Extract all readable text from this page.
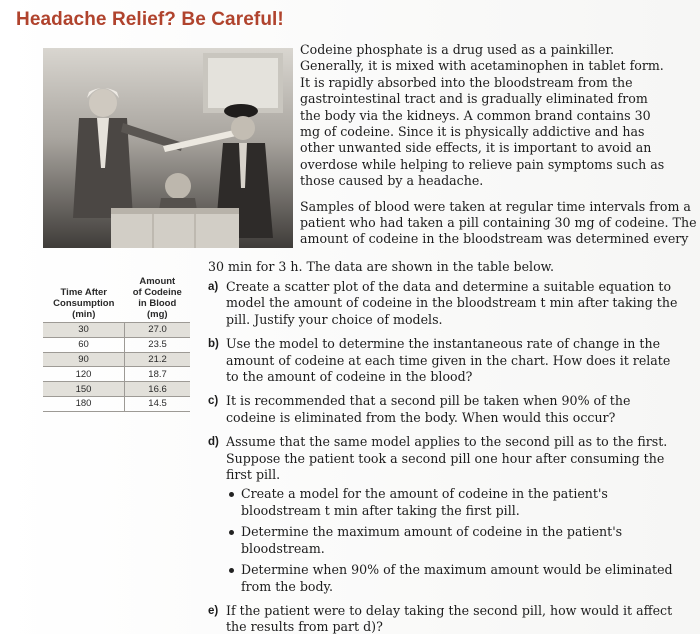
Headache Relief? Be Careful!

Codeine phosphate is a drug used as a painkiller. Generally, it is mixed with acetaminophen in tablet form. It is rapidly absorbed into the bloodstream from the gastrointestinal tract and is gradually eliminated from the body via the kidneys. A common brand contains 30 mg of codeine. Since it is physically addictive and has other unwanted side effects, it is important to avoid an overdose while helping to relieve pain symptoms such as those caused by a headache.

Samples of blood were taken at regular time intervals from a
patient who had taken a pill containing 30 mg of codeine. The
amount of codeine in the bloodstream was determined every
30 min for 3 h. The data are shown in the table below.

Time After
Consumption
(min)	Amount
of Codeine
in Blood
(mg)

30	27.0
60	23.5
90	21.2
120	18.7
150	16.6
180	14.5
a) Create a scatter plot of the data and determine a suitable equation to model the amount of codeine in the bloodstream t min after taking the pill. Justify your choice of models.
b) Use the model to determine the instantaneous rate of change in the amount of codeine at each time given in the chart. How does it relate to the amount of codeine in the blood?
c) It is recommended that a second pill be taken when 90% of the codeine is eliminated from the body. When would this occur?
d) Assume that the same model applies to the second pill as to the first. Suppose the patient took a second pill one hour after consuming the first pill.
Create a model for the amount of codeine in the patient's bloodstream t min after taking the first pill.
Determine the maximum amount of codeine in the patient's bloodstream.
Determine when 90% of the maximum amount would be eliminated from the body.
e) If the patient were to delay taking the second pill, how would it affect the results from part d)?
